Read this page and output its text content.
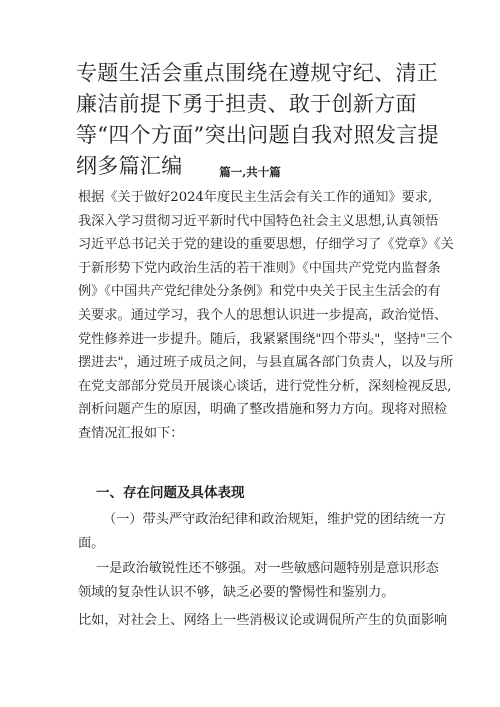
专题生活会重点围绕在遵规守纪、清正廉洁前提下勇于担责、敢于创新方面等“四个方面”突出问题自我对照发言提纲多篇汇编	篇一,共十篇

根据《关于做好2024年度民主生活会有关工作的通知》要求,
我深入学习贯彻习近平新时代中国特色社会主义思想,认真领悟
习近平总书记关于党的建设的重要思想，仔细学习了《党章》《关
于新形势下党内政治生活的若干准则》《中国共产党党内监督条
例》《中国共产党纪律处分条例》和党中央关于民主生活会的有
关要求。通过学习，我个人的思想认识进一步提高，政治觉悟、
党性修养进一步提升。随后，我紧紧围绕"四个带头"，坚持"三个
摆进去"，通过班子成员之间，与县直属各部门负责人，以及与所
在党支部部分党员开展谈心谈话，进行党性分析，深刻检视反思,
剖析问题产生的原因，明确了整改措施和努力方向。现将对照检
查情况汇报如下：

一、存在问题及具体表现

（一）带头严守政治纪律和政治规矩，维护党的团结统一方
面。

一是政治敏锐性还不够强。对一些敏感问题特别是意识形态
领域的复杂性认识不够，缺乏必要的警惕性和鉴别力。

比如，对社会上、网络上一些消极议论或调侃所产生的负面影响
